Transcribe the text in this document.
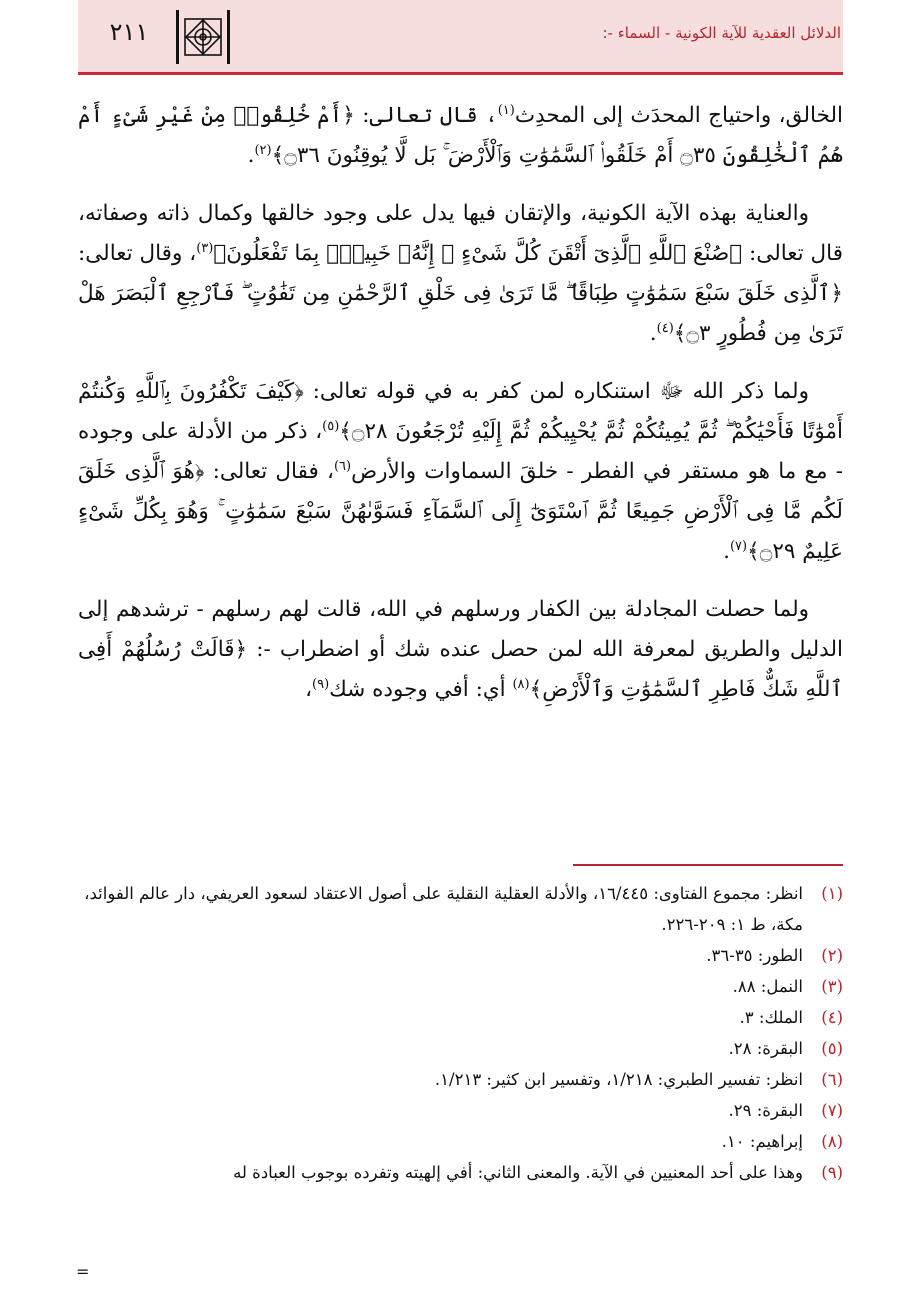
٢١١	الدلائل العقدية للآية الكونية - السماء -:

الخالق، واحتياج المحدَث إلى المحدِث$^{(١)}$، قال تعالى: ﴿أَمْ خُلِقُوا۟ مِنْ غَيْرِ شَىْءٍ أَمْ هُمُ ٱلْخَٰلِقُونَ ۝٣٥ أَمْ خَلَقُوا۟ ٱلسَّمَٰوَٰتِ وَٱلْأَرْضَ ۚ بَل لَّا يُوقِنُونَ ۝٣٦﴾$^{(٢)}$.

والعناية بهذه الآية الكونية، والإتقان فيها يدل على وجود خالقها وكمال ذاته وصفاته، قال تعالى: ﴿صُنْعَ ٱللَّهِ ٱلَّذِىٓ أَتْقَنَ كُلَّ شَىْءٍ ۚ إِنَّهُۥ خَبِيرٌۢ بِمَا تَفْعَلُونَ﴾$^{(٣)}$، وقال تعالى: ﴿ٱلَّذِى خَلَقَ سَبْعَ سَمَٰوَٰتٍ طِبَاقًا ۖ مَّا تَرَىٰ فِى خَلْقِ ٱلرَّحْمَٰنِ مِن تَفَٰوُتٍ ۖ فَٱرْجِعِ ٱلْبَصَرَ هَلْ تَرَىٰ مِن فُطُورٍ ۝٣﴾$^{(٤)}$.

ولما ذكر الله ﷻ استنكاره لمن كفر به في قوله تعالى: ﴿كَيْفَ تَكْفُرُونَ بِٱللَّهِ وَكُنتُمْ أَمْوَٰتًا فَأَحْيَٰكُمْ ۖ ثُمَّ يُمِيتُكُمْ ثُمَّ يُحْيِيكُمْ ثُمَّ إِلَيْهِ تُرْجَعُونَ ۝٢٨﴾$^{(٥)}$، ذكر من الأدلة على وجوده - مع ما هو مستقر في الفطر - خلقَ السماوات والأرض$^{(٦)}$، فقال تعالى: ﴿هُوَ ٱلَّذِى خَلَقَ لَكُم مَّا فِى ٱلْأَرْضِ جَمِيعًا ثُمَّ ٱسْتَوَىٰٓ إِلَى ٱلسَّمَآءِ فَسَوَّىٰهُنَّ سَبْعَ سَمَٰوَٰتٍ ۚ وَهُوَ بِكُلِّ شَىْءٍ عَلِيمٌ ۝٢٩﴾$^{(٧)}$.

ولما حصلت المجادلة بين الكفار ورسلهم في الله، قالت لهم رسلهم - ترشدهم إلى الدليل والطريق لمعرفة الله لمن حصل عنده شك أو اضطراب -: ﴿قَالَتْ رُسُلُهُمْ أَفِى ٱللَّهِ شَكٌّ فَاطِرِ ٱلسَّمَٰوَٰتِ وَٱلْأَرْضِ﴾$^{(٨)}$ أي: أفي وجوده شك$^{(٩)}$،

(١)انظر: مجموع الفتاوى: ١٦/٤٤٥، والأدلة العقلية النقلية على أصول الاعتقاد لسعود العريفي، دار عالم الفوائد، مكة، ط ١: ٢٠٩-٢٢٦.

(٢)الطور: ٣٥-٣٦.

(٣)النمل: ٨٨.

(٤)الملك: ٣.

(٥)البقرة: ٢٨.

(٦)انظر: تفسير الطبري: ١/٢١٨، وتفسير ابن كثير: ١/٢١٣.

(٧)البقرة: ٢٩.

(٨)إبراهيم: ١٠.

(٩)وهذا على أحد المعنيين في الآية. والمعنى الثاني: أفي إلهيته وتفرده بوجوب العبادة له

=
